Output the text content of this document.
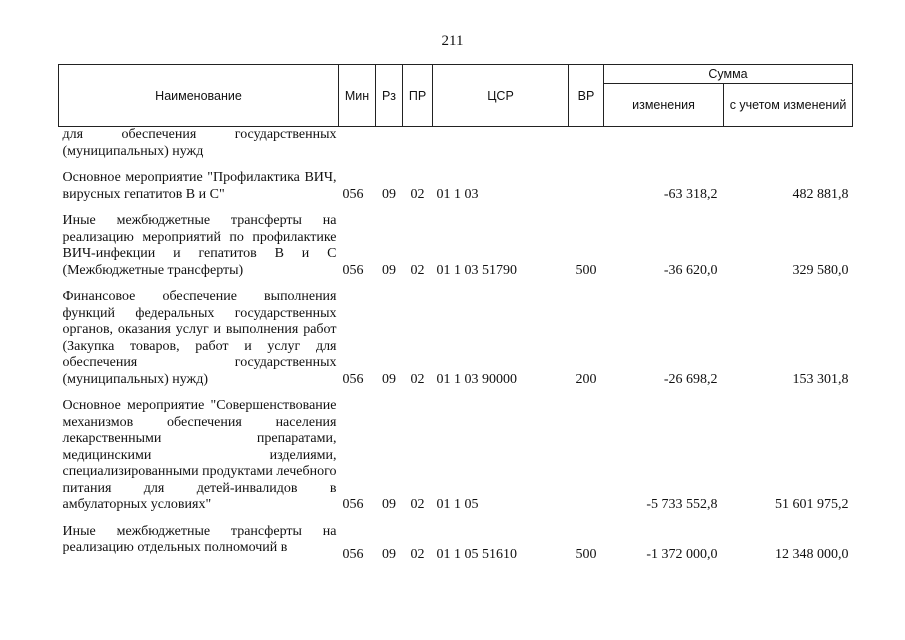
211
Наименование	Мин	Рз	ПР	ЦСР	ВР	Сумма	
						изменения	с учетом изменений
для обеспечения государственных (муниципальных) нужд							

Основное мероприятие "Профилактика ВИЧ, вирусных гепатитов В и С"	056	09	02	01 1 03		-63 318,2	482 881,8

Иные межбюджетные трансферты на реализацию мероприятий по профилактике ВИЧ-инфекции и гепатитов В и С (Межбюджетные трансферты)	056	09	02	01 1 03 51790	500	-36 620,0	329 580,0

Финансовое обеспечение выполнения функций федеральных государственных органов, оказания услуг и выполнения работ (Закупка товаров, работ и услуг для обеспечения государственных (муниципальных) нужд)	056	09	02	01 1 03 90000	200	-26 698,2	153 301,8

Основное мероприятие "Совершенствование механизмов обеспечения населения лекарственными препаратами, медицинскими изделиями, специализированными продуктами лечебного питания для детей-инвалидов в амбулаторных условиях"	056	09	02	01 1 05		-5 733 552,8	51 601 975,2

Иные межбюджетные трансферты на реализацию отдельных полномочий в	056	09	02	01 1 05 51610	500	-1 372 000,0	12 348 000,0
